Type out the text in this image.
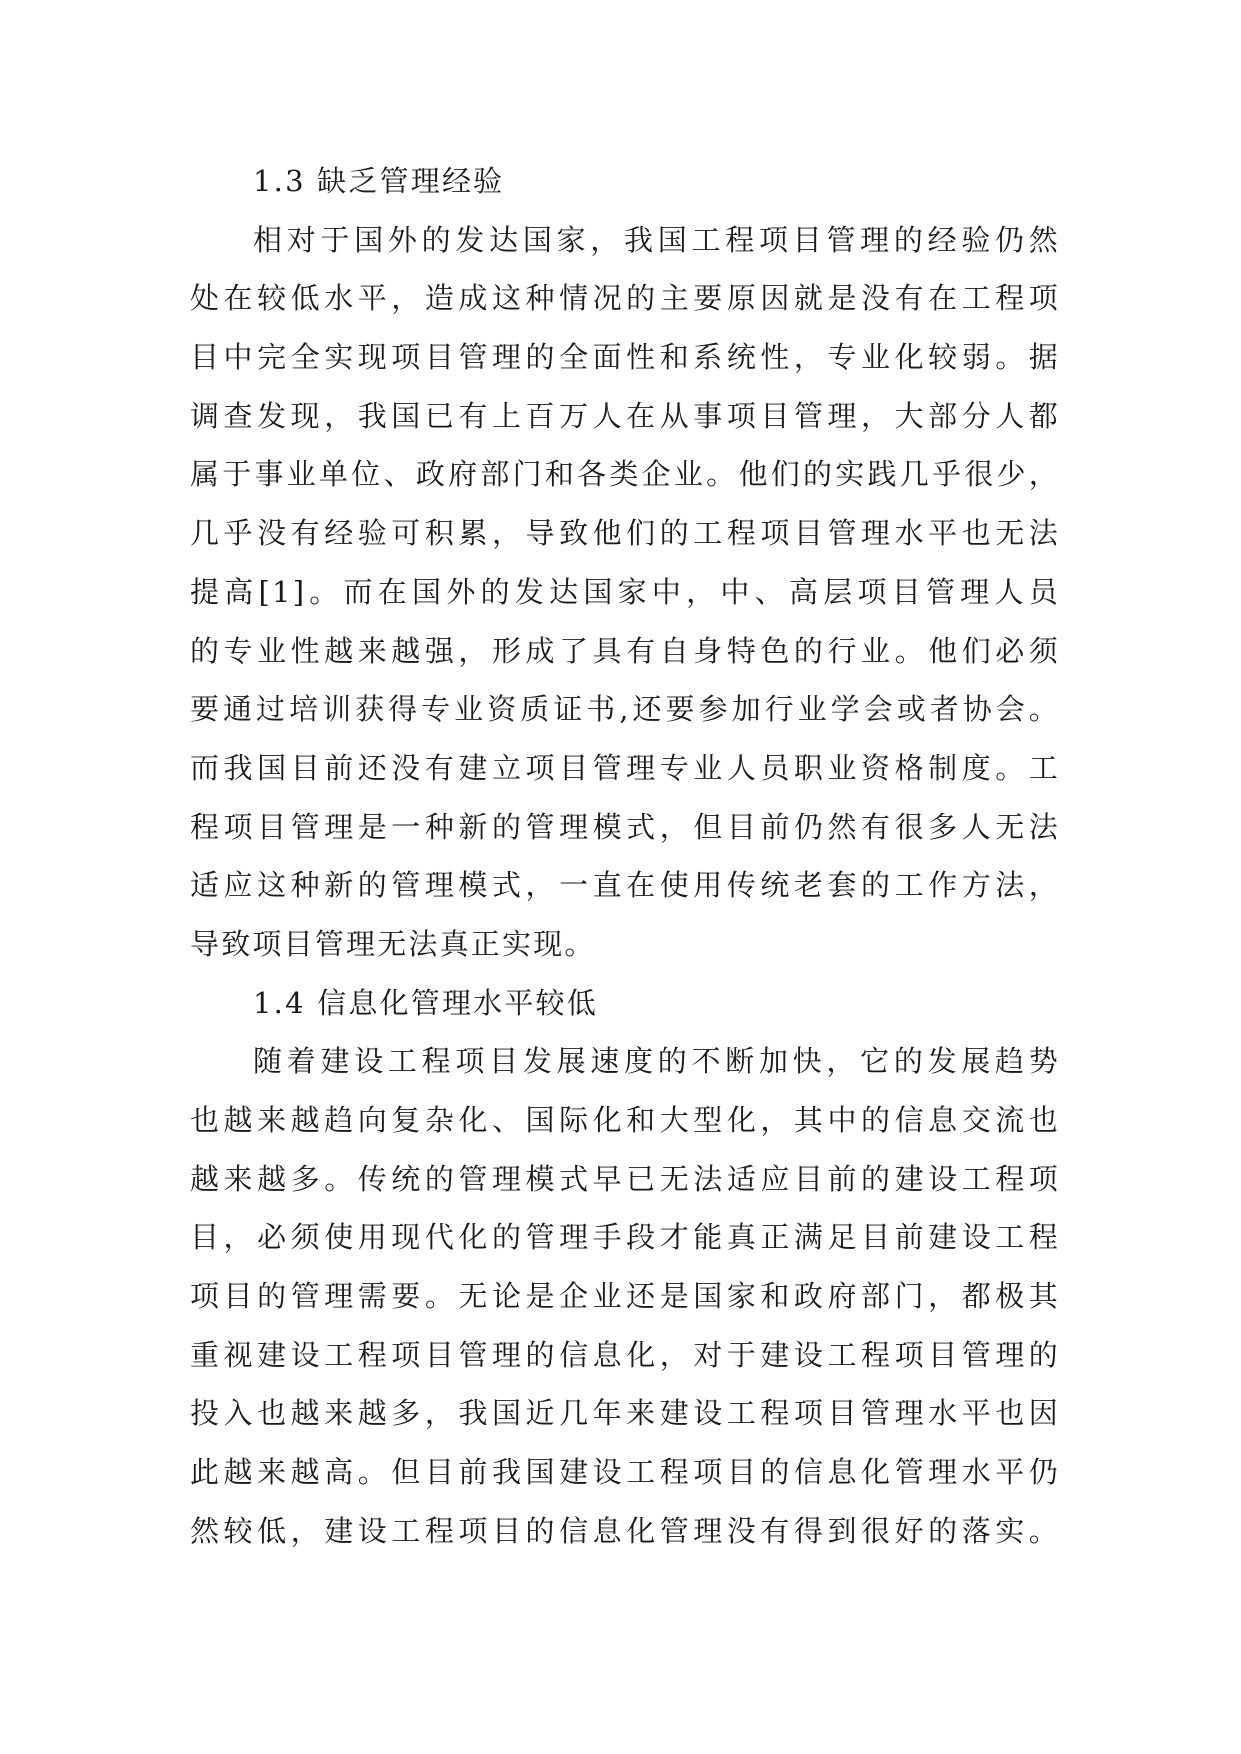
1.3 缺乏管理经验
相对于国外的发达国家，我国工程项目管理的经验仍然
处在较低水平，造成这种情况的主要原因就是没有在工程项
目中完全实现项目管理的全面性和系统性，专业化较弱。据
调查发现，我国已有上百万人在从事项目管理，大部分人都
属于事业单位、政府部门和各类企业。他们的实践几乎很少，
几乎没有经验可积累，导致他们的工程项目管理水平也无法
提高[1]。而在国外的发达国家中，中、高层项目管理人员
的专业性越来越强，形成了具有自身特色的行业。他们必须
要通过培训获得专业资质证书,还要参加行业学会或者协会。
而我国目前还没有建立项目管理专业人员职业资格制度。工
程项目管理是一种新的管理模式，但目前仍然有很多人无法
适应这种新的管理模式，一直在使用传统老套的工作方法，
导致项目管理无法真正实现。
1.4 信息化管理水平较低
随着建设工程项目发展速度的不断加快，它的发展趋势
也越来越趋向复杂化、国际化和大型化，其中的信息交流也
越来越多。传统的管理模式早已无法适应目前的建设工程项
目，必须使用现代化的管理手段才能真正满足目前建设工程
项目的管理需要。无论是企业还是国家和政府部门，都极其
重视建设工程项目管理的信息化，对于建设工程项目管理的
投入也越来越多，我国近几年来建设工程项目管理水平也因
此越来越高。但目前我国建设工程项目的信息化管理水平仍
然较低，建设工程项目的信息化管理没有得到很好的落实。
